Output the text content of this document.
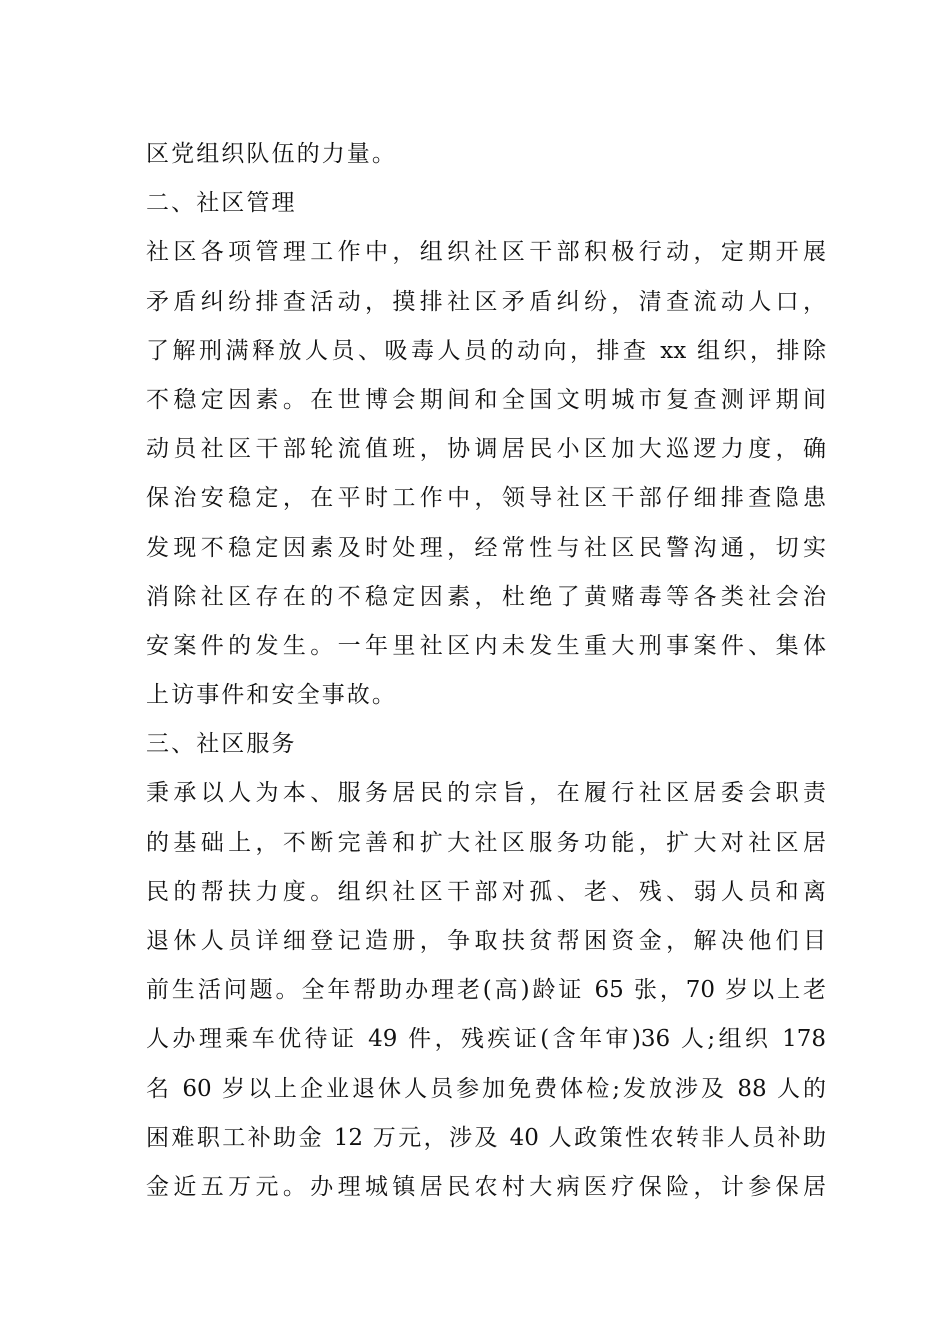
区党组织队伍的力量。
二、社区管理
社区各项管理工作中，组织社区干部积极行动，定期开展
矛盾纠纷排查活动，摸排社区矛盾纠纷，清查流动人口，
了解刑满释放人员、吸毒人员的动向，排查 xx 组织，排除
不稳定因素。在世博会期间和全国文明城市复查测评期间
动员社区干部轮流值班，协调居民小区加大巡逻力度，确
保治安稳定，在平时工作中，领导社区干部仔细排查隐患
发现不稳定因素及时处理，经常性与社区民警沟通，切实
消除社区存在的不稳定因素，杜绝了黄赌毒等各类社会治
安案件的发生。一年里社区内未发生重大刑事案件、集体
上访事件和安全事故。
三、社区服务
秉承以人为本、服务居民的宗旨，在履行社区居委会职责
的基础上，不断完善和扩大社区服务功能，扩大对社区居
民的帮扶力度。组织社区干部对孤、老、残、弱人员和离
退休人员详细登记造册，争取扶贫帮困资金，解决他们目
前生活问题。全年帮助办理老(高)龄证 65 张，70 岁以上老
人办理乘车优待证 49 件，残疾证(含年审)36 人;组织 178
名 60 岁以上企业退休人员参加免费体检;发放涉及 88 人的
困难职工补助金 12 万元，涉及 40 人政策性农转非人员补助
金近五万元。办理城镇居民农村大病医疗保险，计参保居
